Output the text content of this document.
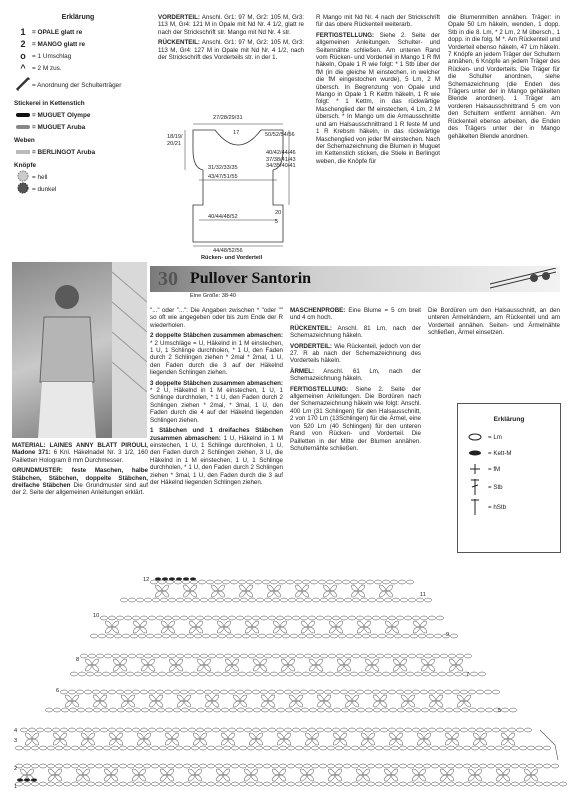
Erklärung
1	= OPALE glatt re
2	= MANGO glatt re
o = 1 Umschlag
^ = 2 M zus.
= Anordnung der Schulterträger
Stickerei in Kettenstich
= MUGUET Olympe
= MUGUET Aruba
Weben
= BERLINGOT Aruba
Knöpfe
= hell
= dunkel

VORDERTEIL: Anschl. Gr1: 97 M, Gr2: 105 M, Gr3: 113 M, Gr4: 121 M in Opale mit Nd Nr. 4 1/2, glatt re nach der Strickschrift str. Mango mit Nd Nr. 4 str.

RÜCKENTEIL: Anschl. Gr1: 97 M, Gr2: 105 M, Gr3: 113 M, Gr4: 127 M in Opale mit Nd Nr. 4 1/2, nach der Strickschrift des Vorderteils str. in der 1.

27/28/29/31
17
18/19/20/21
50/52/54/56
40/42/44/46 37/38/41/43 34/35/40/41
31/32/33/35
43/47/51/55
40/44/48/52
20
5
44/48/52/56
Rücken- und Vorderteil

R Mango mit Nd Nr. 4 nach der Strickschrift für das obere Rückenteil weiterarb.

FERTIGSTELLUNG: Siehe 2. Seite der allgemeinen Anleitungen. Schulter- und Seitennähte schließen. Am unteren Rand vom Rücken- und Vorderteil in Mango 1 R fM häkeln, Opale 1 R wie folgt: * 1 Stb über der fM (in die gleiche M einstechen, in welcher die fM eingestochen wurde), 5 Lm, 2 M übersch. In Begrenzung von Opale und Mango in Opale 1 R Kettm häkeln, 1 R wie folgt: * 1 Kettm, in das rückwärtige Maschenglied der fM einstechen, 4 Lm, 2 M übersch. * In Mango um die Armausschnitte und am Halsausschnittrand 1 R feste M und 1 R Krebsm häkeln, in das rückwärtige Maschenglied von jeder fM einstechen. Nach der Schemazeichnung die Blumen in Muguet im Kettenstich sticken, die Stiele in Berlingot weben, die Knöpfe für

die Blumenmitten annähen. Träger: in Opale 50 Lm häkeln, wenden, 1 dopp. Stb in die 8. Lm, * 2 Lm, 2 M übersch., 1 dopp. in die folg. M *. Am Rückenteil und Vorderteil ebenso häkeln, 47 Lm häkeln. 7 Knöpfe an jedem Träger der Schultern annähen, 6 Knöpfe an jedem Träger des Rücken- und Vorderteils. Die Träger für die Schulter anordnen, siehe Schemazeichnung (die Enden des Trägers unter der in Mango gehäkelten Blende anordnen). 1 Träger am vorderen Halsausschnittrand 5 cm von den Schultern entfernt annähen. Am Rückenteil ebenso arbeiten, die Enden des Trägers unter der in Mango gehäkelten Blende anordnen.

30 Pullover Santorin
Eine Größe: 38-40

MATERIAL: LAINES ANNY BLATT PIROULI, Madone 371: 6 Knl. Häkelnadel Nr. 3 1/2, 160 Pailletten Hologram 8 mm Durchmesser.

GRUNDMUSTER: feste Maschen, halbe Stäbchen, Stäbchen, doppelte Stäbchen, dreifache Stäbchen Die Grundmuster sind auf der 2. Seite der allgemeinen Anleitungen erklärt.

"..." oder "...": Die Angaben zwischen * "oder "" so oft wie angegeben oder bis zum Ende der R wiederholen.

2 doppelte Stäbchen zusammen abmaschen: * 2 Umschläge = U, Häkelnd in 1 M einstechen, 1 U, 1 Schlinge durchholen, * 1 U, den Faden durch 2 Schlingen ziehen * 2mal * 2mal, 1 U, den Faden durch die 3 auf der Häkelnd liegenden Schlingen ziehen.

3 doppelte Stäbchen zusammen abmaschen: * 2 U, Häkelnd in 1 M einstechen, 1 U, 1 Schlinge durchholen, * 1 U, den Faden durch 2 Schlingen ziehen * 2mal, * 3mal, 1 U, den Faden durch die 4 auf der Häkelnd liegenden Schlingen ziehen.

1 Stäbchen und 1 dreifaches Stäbchen zusammen abmaschen: 1 U, Häkelnd in 1 M einstechen, 1 U, 1 Schlinge durchholen, 1 U, den Faden durch 2 Schlingen ziehen, 3 U, die Häkelnd in 1 M einstechen, 1 U, 1 Schlinge durchholen, * 1 U, den Faden durch 2 Schlingen ziehen * 3mal, 1 U, den Faden durch die 3 auf der Häkelnd liegenden Schlingen ziehen.

MASCHENPROBE: Eine Blume = 5 cm breit und 4 cm hoch.

RÜCKENTEIL: Anschl. 81 Lm, nach der Schemazeichnung häkeln.

VORDERTEIL: Wie Rückenteil, jedoch von der 27. R ab nach der Schemazeichnung des Vorderteils häkeln.

ÄRMEL: Anschl. 61 Lm, nach der Schemazeichnung häkeln.

FERTIGSTELLUNG: Siehe 2. Seite der allgemeinen Anleitungen. Die Bordüren nach der Schemazeichnung häkeln wie folgt: Anschl. 400 Lm (31 Schlingen) für den Halsausschnitt, 2 von 170 Lm (13Schlingen) für die Ärmel, eine von 520 Lm (40 Schlingen) für den unteren Rand von Rücken- und Vorderteil. Die Pailletten in der Mitte der Blumen annähen. Schulternähte schließen.

Die Bordüren um den Halsausschnitt, an den unteren Ärmelrändern, am Rückenteil und am Vorderteil annähen. Seiten- und Ärmelnähte schließen, Ärmel einsetzen.

Erklärung
= Lm
= Kett-M
= fM
= Stb
= hStb
12
10
8
6
4
3
2
1
11
9
7
5
